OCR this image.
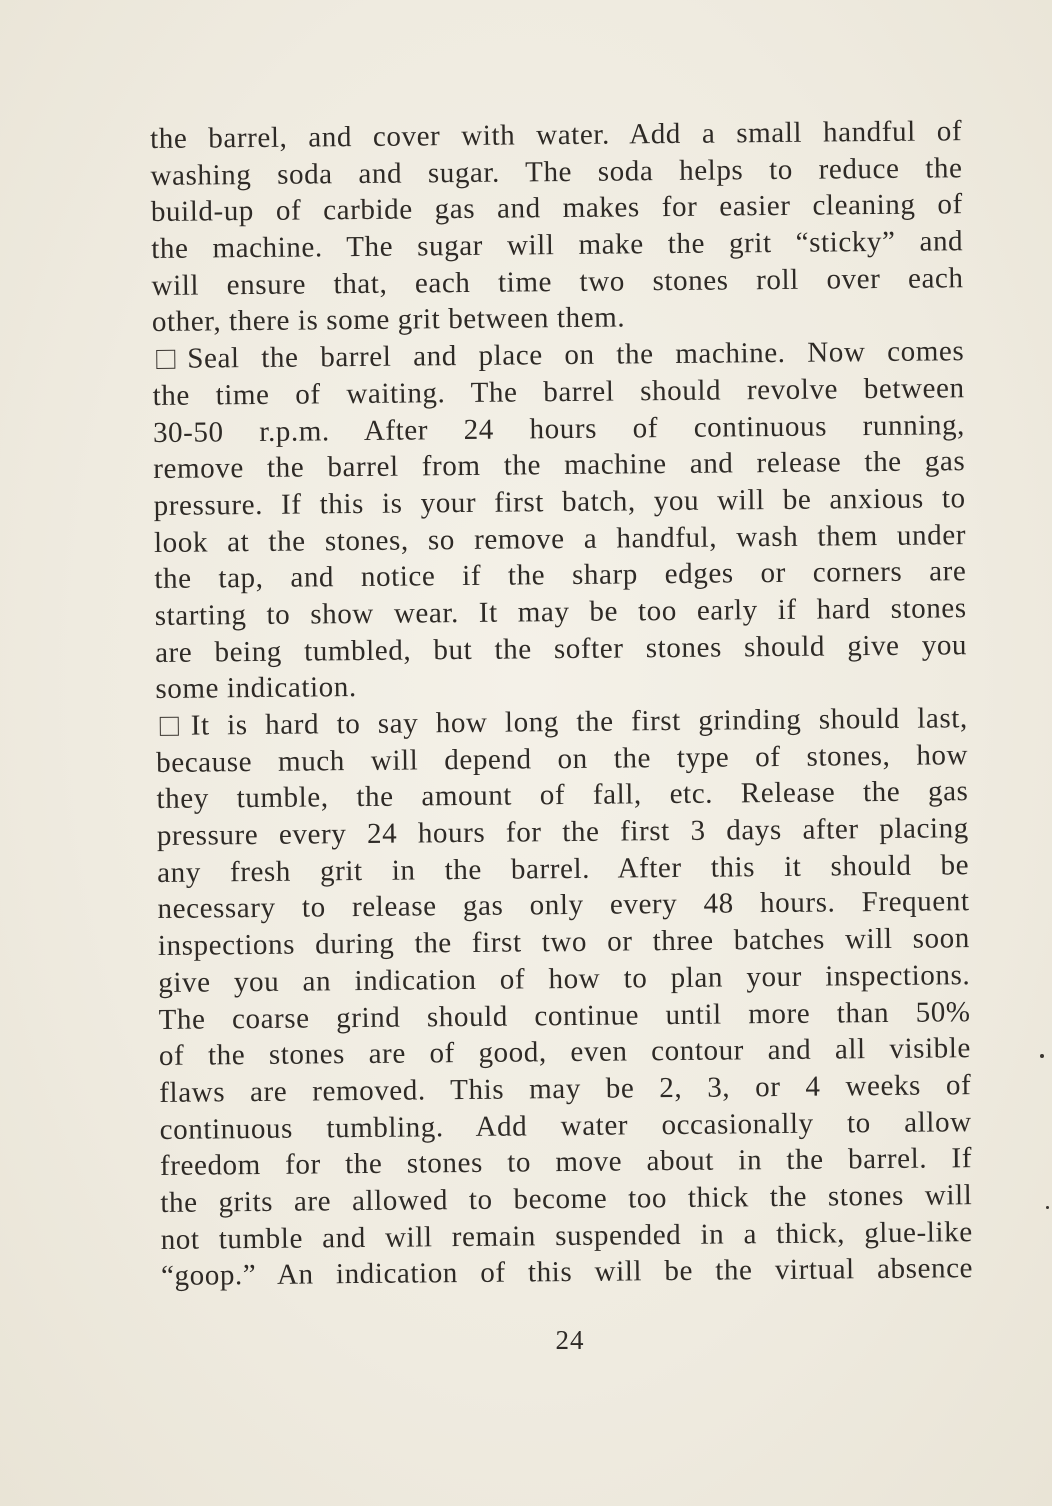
the barrel, and cover with water. Add a small handful of
washing soda and sugar. The soda helps to reduce the
build-up of carbide gas and makes for easier cleaning of
the machine. The sugar will make the grit “sticky” and
will ensure that, each time two stones roll over each
other, there is some grit between them.
Seal the barrel and place on the machine. Now comes
the time of waiting. The barrel should revolve between
30-50 r.p.m. After 24 hours of continuous running,
remove the barrel from the machine and release the gas
pressure. If this is your first batch, you will be anxious to
look at the stones, so remove a handful, wash them under
the tap, and notice if the sharp edges or corners are
starting to show wear. It may be too early if hard stones
are being tumbled, but the softer stones should give you
some indication.
It is hard to say how long the first grinding should last,
because much will depend on the type of stones, how
they tumble, the amount of fall, etc. Release the gas
pressure every 24 hours for the first 3 days after placing
any fresh grit in the barrel. After this it should be
necessary to release gas only every 48 hours. Frequent
inspections during the first two or three batches will soon
give you an indication of how to plan your inspections.
The coarse grind should continue until more than 50%
of the stones are of good, even contour and all visible
flaws are removed. This may be 2, 3, or 4 weeks of
continuous tumbling. Add water occasionally to allow
freedom for the stones to move about in the barrel. If
the grits are allowed to become too thick the stones will
not tumble and will remain suspended in a thick, glue-like
“goop.” An indication of this will be the virtual absence
24
